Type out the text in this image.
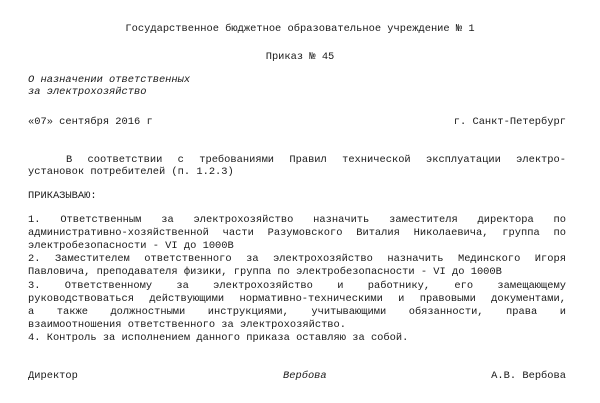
Государственное бюджетное образовательное учреждение № 1
Приказ № 45
О назначении ответственных
за электрохозяйство
«07» сентября 2016 г	г. Санкт-Петербург
В соответствии с требованиями Правил технической эксплуатации электро-
установок потребителей (п. 1.2.3)
ПРИКАЗЫВАЮ:
1. Ответственным за электрохозяйство назначить заместителя директора по
административно-хозяйственной части Разумовского Виталия Николаевича, группа по
электробезопасности - VI до 1000В
2. Заместителем ответственного за электрохозяйство назначить Мединского Игоря
Павловича, преподавателя физики, группа по электробезопасности - VI до 1000В
3. Ответственному за электрохозяйство и работнику, его замещающему
руководствоваться действующими нормативно-техническими и правовыми документами,
а также должностными инструкциями, учитывающими обязанности, права и
взаимоотношения ответственного за электрохозяйство.
4. Контроль за исполнением данного приказа оставляю за собой.
Директор	Вербова	А.В. Вербова
